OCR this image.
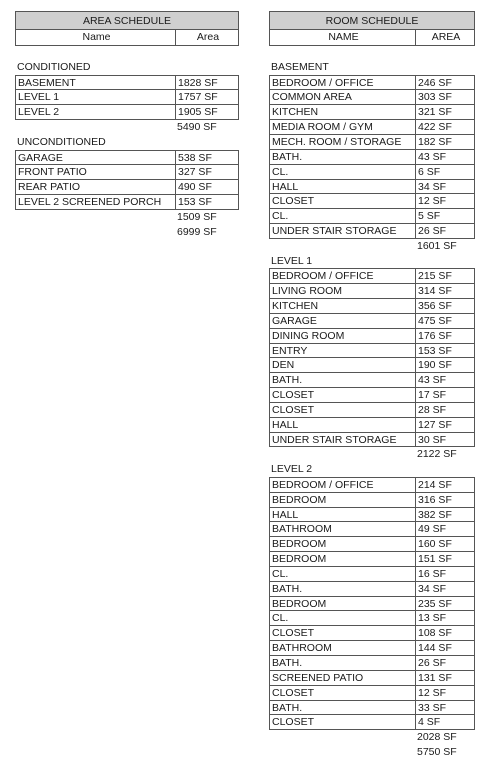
AREA SCHEDULE
Name	Area
CONDITIONED
BASEMENT	1828 SF
LEVEL 1	1757 SF
LEVEL 2	1905 SF
5490 SF
UNCONDITIONED
GARAGE	538 SF
FRONT PATIO	327 SF
REAR PATIO	490 SF
LEVEL 2 SCREENED PORCH	153 SF
1509 SF
6999 SF
ROOM SCHEDULE
NAME	AREA
BASEMENT
BEDROOM / OFFICE	246 SF
COMMON AREA	303 SF
KITCHEN	321 SF
MEDIA ROOM / GYM	422 SF
MECH. ROOM / STORAGE	182 SF
BATH.	43 SF
CL.	6 SF
HALL	34 SF
CLOSET	12 SF
CL.	5 SF
UNDER STAIR STORAGE	26 SF
1601 SF
LEVEL 1
BEDROOM / OFFICE	215 SF
LIVING ROOM	314 SF
KITCHEN	356 SF
GARAGE	475 SF
DINING ROOM	176 SF
ENTRY	153 SF
DEN	190 SF
BATH.	43 SF
CLOSET	17 SF
CLOSET	28 SF
HALL	127 SF
UNDER STAIR STORAGE	30 SF
2122 SF
LEVEL 2
BEDROOM / OFFICE	214 SF
BEDROOM	316 SF
HALL	382 SF
BATHROOM	49 SF
BEDROOM	160 SF
BEDROOM	151 SF
CL.	16 SF
BATH.	34 SF
BEDROOM	235 SF
CL.	13 SF
CLOSET	108 SF
BATHROOM	144 SF
BATH.	26 SF
SCREENED PATIO	131 SF
CLOSET	12 SF
BATH.	33 SF
CLOSET	4 SF
2028 SF
5750 SF
